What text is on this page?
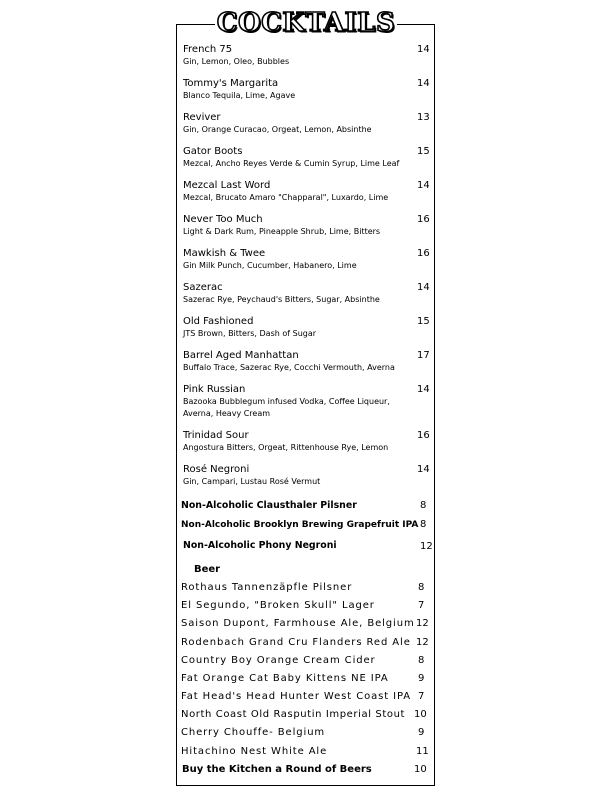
COCKTAILS
French 75
Gin, Lemon, Oleo, Bubbles
14
Tommy's Margarita
Blanco Tequila, Lime, Agave
14
Reviver
Gin, Orange Curacao, Orgeat, Lemon, Absinthe
13
Gator Boots
Mezcal, Ancho Reyes Verde & Cumin Syrup, Lime Leaf
15
Mezcal Last Word
Mezcal, Brucato Amaro "Chapparal", Luxardo, Lime
14
Never Too Much
Light & Dark Rum, Pineapple Shrub, Lime, Bitters
16
Mawkish & Twee
Gin Milk Punch, Cucumber, Habanero, Lime
16
Sazerac
Sazerac Rye, Peychaud's Bitters, Sugar, Absinthe
14
Old Fashioned
JTS Brown, Bitters, Dash of Sugar
15
Barrel Aged Manhattan
Buffalo Trace, Sazerac Rye, Cocchi Vermouth, Averna
17
Pink Russian
Bazooka Bubblegum infused Vodka, Coffee Liqueur, Averna, Heavy Cream
14
Trinidad Sour
Angostura Bitters, Orgeat, Rittenhouse Rye, Lemon
16
Rosé Negroni
Gin, Campari, Lustau Rosé Vermut
14
Non-Alcoholic Clausthaler Pilsner	8
Non-Alcoholic Brooklyn Brewing Grapefruit IPA 8
Non-Alcoholic Phony Negroni	12
Beer
Rothaus Tannenzäpfle Pilsner	8
El Segundo, "Broken Skull" Lager	7
Saison Dupont, Farmhouse Ale, Belgium 12
Rodenbach Grand Cru Flanders Red Ale 12
Country Boy Orange Cream Cider	8
Fat Orange Cat Baby Kittens NE IPA	9
Fat Head's Head Hunter West Coast IPA 7
North Coast Old Rasputin Imperial Stout 10
Cherry Chouffe- Belgium	9
Hitachino Nest White Ale	11
Buy the Kitchen a Round of Beers	10
